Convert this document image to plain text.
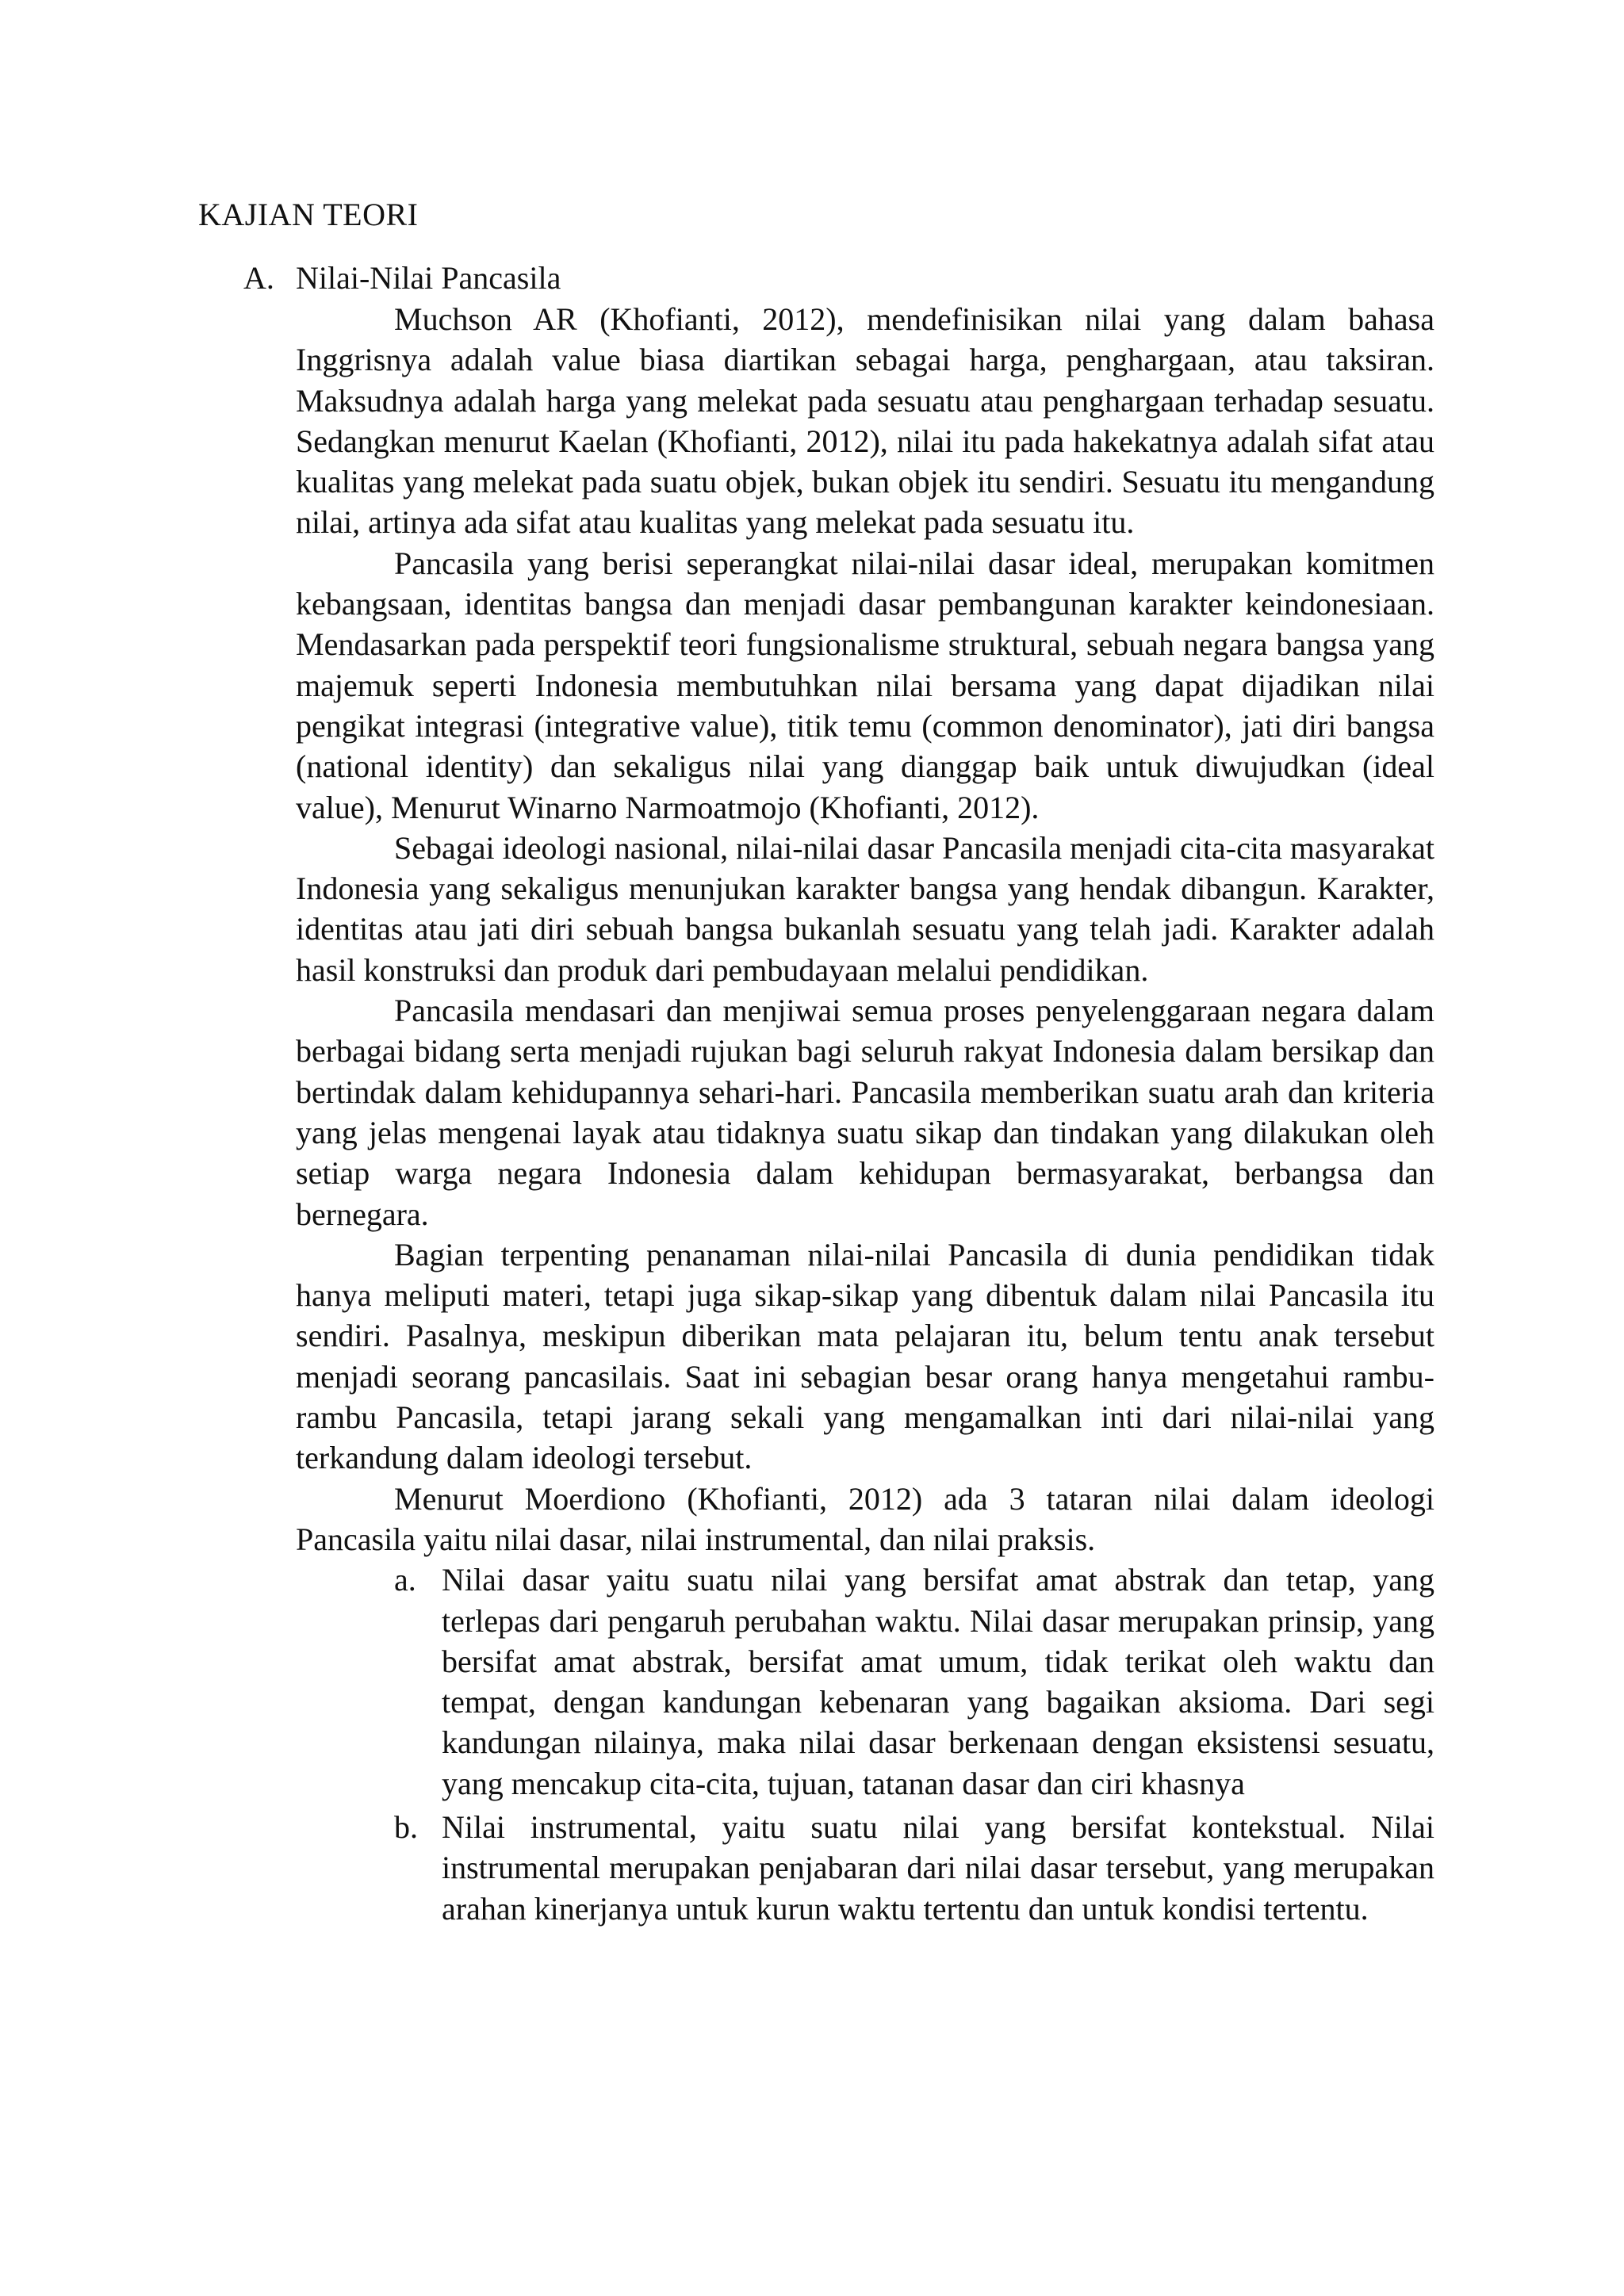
KAJIAN TEORI
A. Nilai-Nilai Pancasila

Muchson AR (Khofianti, 2012), mendefinisikan nilai yang dalam bahasa Inggrisnya adalah value biasa diartikan sebagai harga, penghargaan, atau taksiran. Maksudnya adalah harga yang melekat pada sesuatu atau penghargaan terhadap sesuatu. Sedangkan menurut Kaelan (Khofianti, 2012), nilai itu pada hakekatnya adalah sifat atau kualitas yang melekat pada suatu objek, bukan objek itu sendiri. Sesuatu itu mengandung nilai, artinya ada sifat atau kualitas yang melekat pada sesuatu itu.

Pancasila yang berisi seperangkat nilai-nilai dasar ideal, merupakan komitmen kebangsaan, identitas bangsa dan menjadi dasar pembangunan karakter keindonesiaan. Mendasarkan pada perspektif teori fungsionalisme struktural, sebuah negara bangsa yang majemuk seperti Indonesia membutuhkan nilai bersama yang dapat dijadikan nilai pengikat integrasi (integrative value), titik temu (common denominator), jati diri bangsa (national identity) dan sekaligus nilai yang dianggap baik untuk diwujudkan (ideal value), Menurut Winarno Narmoatmojo (Khofianti, 2012).

Sebagai ideologi nasional, nilai-nilai dasar Pancasila menjadi cita-cita masyarakat Indonesia yang sekaligus menunjukan karakter bangsa yang hendak dibangun. Karakter, identitas atau jati diri sebuah bangsa bukanlah sesuatu yang telah jadi. Karakter adalah hasil konstruksi dan produk dari pembudayaan melalui pendidikan.

Pancasila mendasari dan menjiwai semua proses penyelenggaraan negara dalam berbagai bidang serta menjadi rujukan bagi seluruh rakyat Indonesia dalam bersikap dan bertindak dalam kehidupannya sehari-hari. Pancasila memberikan suatu arah dan kriteria yang jelas mengenai layak atau tidaknya suatu sikap dan tindakan yang dilakukan oleh setiap warga negara Indonesia dalam kehidupan bermasyarakat, berbangsa dan bernegara.

Bagian terpenting penanaman nilai-nilai Pancasila di dunia pendidikan tidak hanya meliputi materi, tetapi juga sikap-sikap yang dibentuk dalam nilai Pancasila itu sendiri. Pasalnya, meskipun diberikan mata pelajaran itu, belum tentu anak tersebut menjadi seorang pancasilais. Saat ini sebagian besar orang hanya mengetahui rambu-rambu Pancasila, tetapi jarang sekali yang mengamalkan inti dari nilai-nilai yang terkandung dalam ideologi tersebut.

Menurut Moerdiono (Khofianti, 2012) ada 3 tataran nilai dalam ideologi Pancasila yaitu nilai dasar, nilai instrumental, dan nilai praksis.

a. Nilai dasar yaitu suatu nilai yang bersifat amat abstrak dan tetap, yang terlepas dari pengaruh perubahan waktu. Nilai dasar merupakan prinsip, yang bersifat amat abstrak, bersifat amat umum, tidak terikat oleh waktu dan tempat, dengan kandungan kebenaran yang bagaikan aksioma. Dari segi kandungan nilainya, maka nilai dasar berkenaan dengan eksistensi sesuatu, yang mencakup cita-cita, tujuan, tatanan dasar dan ciri khasnya
b. Nilai instrumental, yaitu suatu nilai yang bersifat kontekstual. Nilai instrumental merupakan penjabaran dari nilai dasar tersebut, yang merupakan arahan kinerjanya untuk kurun waktu tertentu dan untuk kondisi tertentu.
